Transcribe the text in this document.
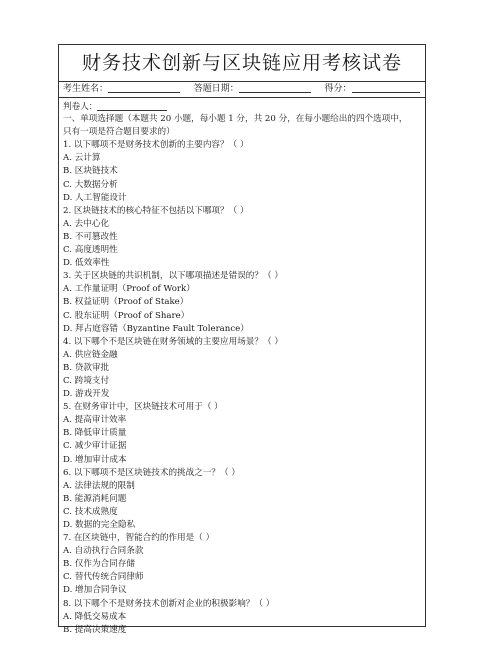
财务技术创新与区块链应用考核试卷
考生姓名：	答题日期：	得分：
判卷人：
一、单项选择题（本题共 20 小题，每小题 1 分，共 20 分，在每小题给出的四个选项中，
只有一项是符合题目要求的）
1. 以下哪项不是财务技术创新的主要内容？（ ）
A. 云计算
B. 区块链技术
C. 大数据分析
D. 人工智能设计
2. 区块链技术的核心特征不包括以下哪项？（ ）
A. 去中心化
B. 不可篡改性
C. 高度透明性
D. 低效率性
3. 关于区块链的共识机制，以下哪项描述是错误的？（ ）
A. 工作量证明（Proof of Work）
B. 权益证明（Proof of Stake）
C. 股东证明（Proof of Share）
D. 拜占庭容错（Byzantine Fault Tolerance）
4. 以下哪个不是区块链在财务领域的主要应用场景？（ ）
A. 供应链金融
B. 贷款审批
C. 跨境支付
D. 游戏开发
5. 在财务审计中，区块链技术可用于（ ）
A. 提高审计效率
B. 降低审计质量
C. 减少审计证据
D. 增加审计成本
6. 以下哪项不是区块链技术的挑战之一？（ ）
A. 法律法规的限制
B. 能源消耗问题
C. 技术成熟度
D. 数据的完全隐私
7. 在区块链中，智能合约的作用是（ ）
A. 自动执行合同条款
B. 仅作为合同存储
C. 替代传统合同律师
D. 增加合同争议
8. 以下哪个不是财务技术创新对企业的积极影响？（ ）
A. 降低交易成本
B. 提高决策速度
